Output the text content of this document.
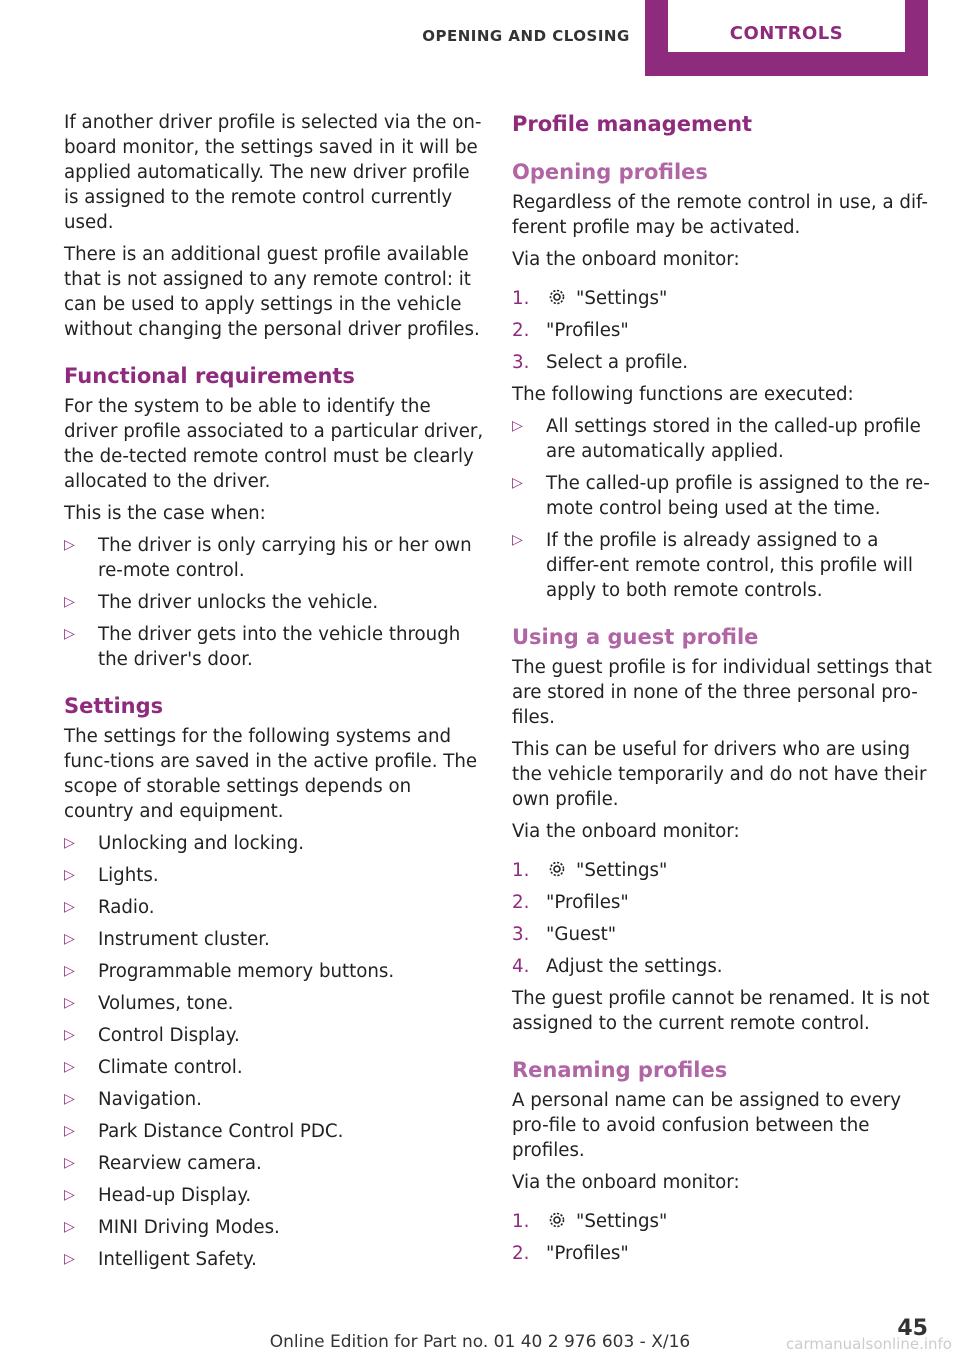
OPENING AND CLOSING	CONTROLS

If another driver profile is selected via the on-board monitor, the settings saved in it will be applied automatically. The new driver profile is assigned to the remote control currently used.

There is an additional guest profile available that is not assigned to any remote control: it can be used to apply settings in the vehicle without changing the personal driver profiles.

Functional requirements

For the system to be able to identify the driver profile associated to a particular driver, the de-tected remote control must be clearly allocated to the driver.

This is the case when:

▷ The driver is only carrying his or her own re-mote control.
▷ The driver unlocks the vehicle.
▷ The driver gets into the vehicle through the driver's door.
Settings

The settings for the following systems and func-tions are saved in the active profile. The scope of storable settings depends on country and equipment.

▷ Unlocking and locking.
▷ Lights.
▷ Radio.
▷ Instrument cluster.
▷ Programmable memory buttons.
▷ Volumes, tone.
▷ Control Display.
▷ Climate control.
▷ Navigation.
▷ Park Distance Control PDC.
▷ Rearview camera.
▷ Head-up Display.
▷ MINI Driving Modes.
▷ Intelligent Safety.
Profile management
Opening profiles

Regardless of the remote control in use, a dif-ferent profile may be activated.

Via the onboard monitor:

1.	"Settings"
2. "Profiles"
3. Select a profile.

The following functions are executed:

▷ All settings stored in the called-up profile are automatically applied.
▷ The called-up profile is assigned to the re-mote control being used at the time.
▷ If the profile is already assigned to a differ-ent remote control, this profile will apply to both remote controls.
Using a guest profile

The guest profile is for individual settings that are stored in none of the three personal pro-files.

This can be useful for drivers who are using the vehicle temporarily and do not have their own profile.

Via the onboard monitor:

1.	"Settings"
2. "Profiles"
3. "Guest"
4. Adjust the settings.

The guest profile cannot be renamed. It is not assigned to the current remote control.

Renaming profiles

A personal name can be assigned to every pro-file to avoid confusion between the profiles.

Via the onboard monitor:

1.	"Settings"
2. "Profiles"
45
Online Edition for Part no. 01 40 2 976 603 - X/16	carmanualsonline.info
